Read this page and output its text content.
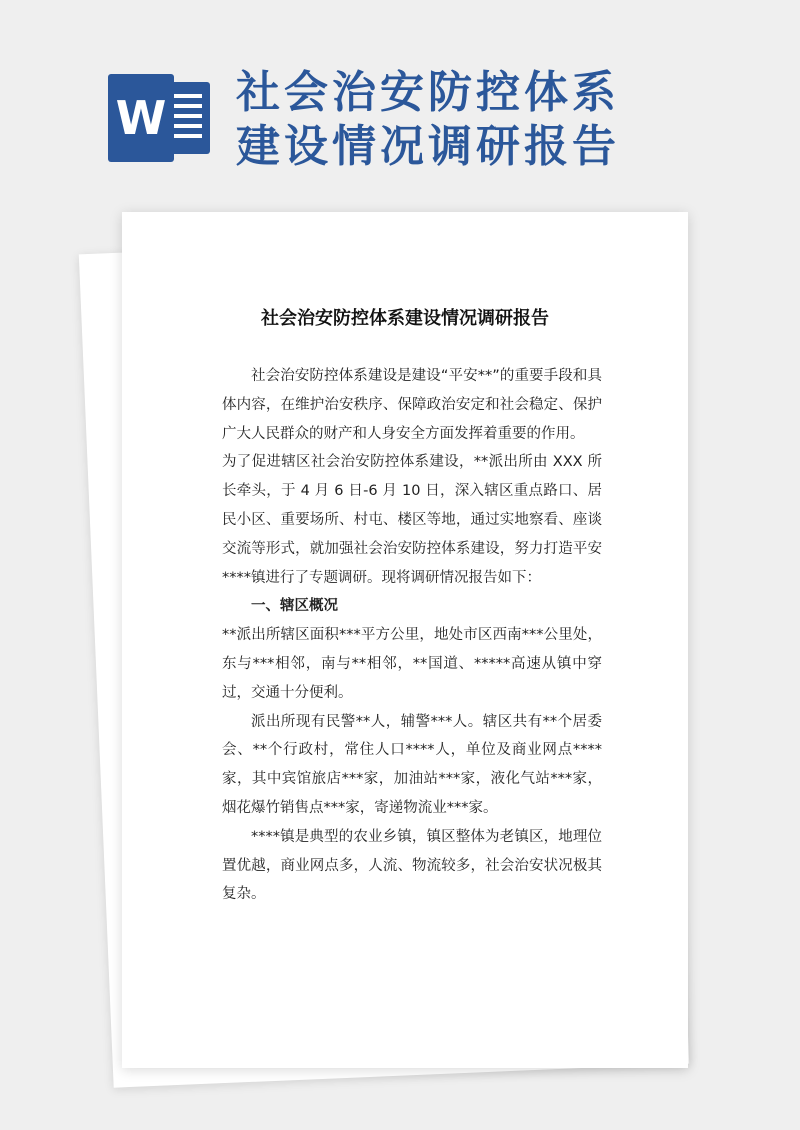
W 社会治安防控体系
建设情况调研报告
社会治安防控体系建设情况调研报告

社会治安防控体系建设是建设“平安**”的重要手段和具体内容，在维护治安秩序、保障政治安定和社会稳定、保护广大人民群众的财产和人身安全方面发挥着重要的作用。

为了促进辖区社会治安防控体系建设，**派出所由 XXX 所长牵头，于 4 月 6 日-6 月 10 日，深入辖区重点路口、居民小区、重要场所、村屯、楼区等地，通过实地察看、座谈交流等形式，就加强社会治安防控体系建设，努力打造平安****镇进行了专题调研。现将调研情况报告如下：

一、辖区概况

**派出所辖区面积***平方公里，地处市区西南***公里处，东与***相邻，南与**相邻，**国道、*****高速从镇中穿过，交通十分便利。

派出所现有民警**人，辅警***人。辖区共有**个居委会、**个行政村，常住人口****人，单位及商业网点****家，其中宾馆旅店***家，加油站***家，液化气站***家，烟花爆竹销售点***家，寄递物流业***家。

****镇是典型的农业乡镇，镇区整体为老镇区，地理位置优越，商业网点多，人流、物流较多，社会治安状况极其复杂。
